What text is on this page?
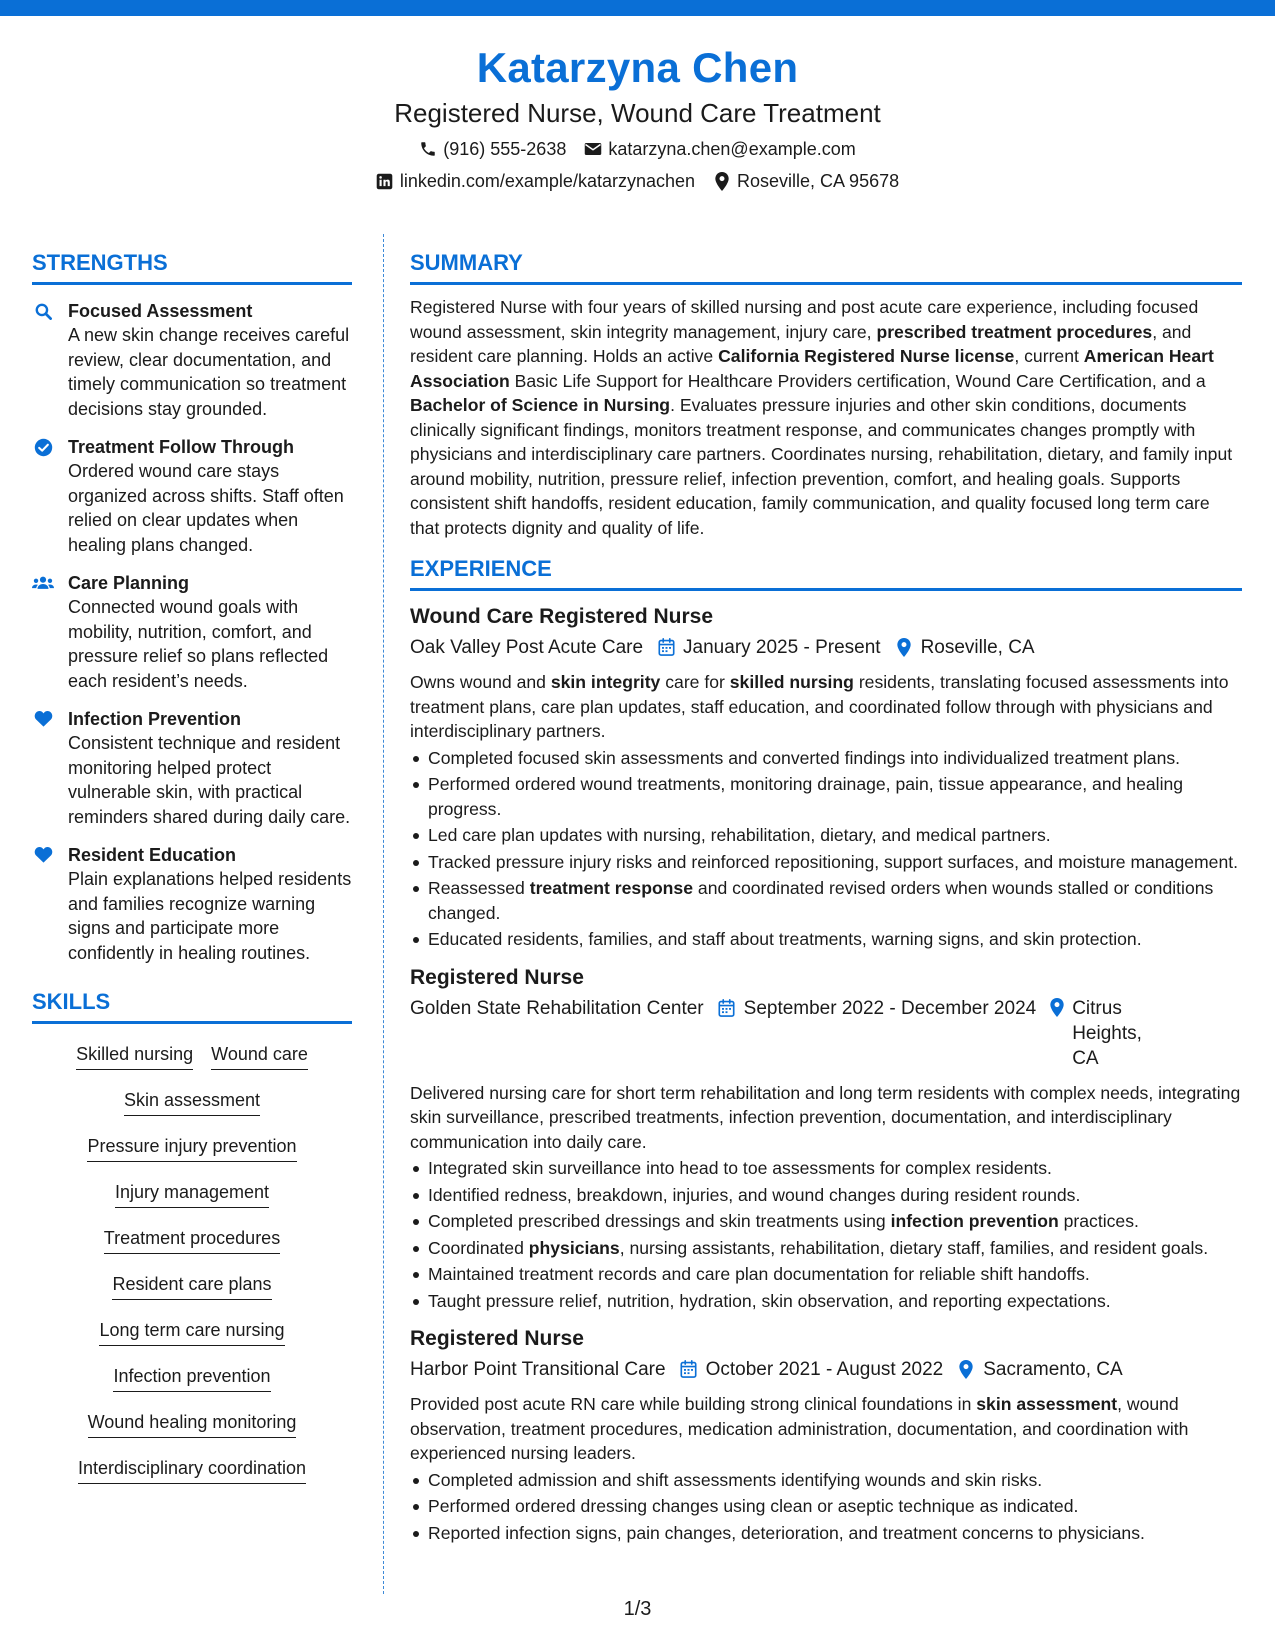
Katarzyna Chen
Registered Nurse, Wound Care Treatment
(916) 555-2638 katarzyna.chen@example.com
linkedin.com/example/katarzynachen Roseville, CA 95678
STRENGTHS
Focused Assessment
A new skin change receives careful review, clear documentation, and timely communication so treatment decisions stay grounded.
Treatment Follow Through
Ordered wound care stays organized across shifts. Staff often relied on clear updates when healing plans changed.
Care Planning
Connected wound goals with mobility, nutrition, comfort, and pressure relief so plans reflected each resident’s needs.
Infection Prevention
Consistent technique and resident monitoring helped protect vulnerable skin, with practical reminders shared during daily care.
Resident Education
Plain explanations helped residents and families recognize warning signs and participate more confidently in healing routines.
SKILLS
Skilled nursing Wound care
Skin assessment
Pressure injury prevention
Injury management
Treatment procedures
Resident care plans
Long term care nursing
Infection prevention
Wound healing monitoring
Interdisciplinary coordination
SUMMARY

Registered Nurse with four years of skilled nursing and post acute care experience, including focused wound assessment, skin integrity management, injury care, prescribed treatment procedures, and resident care planning. Holds an active California Registered Nurse license, current American Heart Association Basic Life Support for Healthcare Providers certification, Wound Care Certification, and a Bachelor of Science in Nursing. Evaluates pressure injuries and other skin conditions, documents clinically significant findings, monitors treatment response, and communicates changes promptly with physicians and interdisciplinary care partners. Coordinates nursing, rehabilitation, dietary, and family input around mobility, nutrition, pressure relief, infection prevention, comfort, and healing goals. Supports consistent shift handoffs, resident education, family communication, and quality focused long term care that protects dignity and quality of life.

EXPERIENCE
Wound Care Registered Nurse
Oak Valley Post Acute Care January 2025 - Present Roseville, CA

Owns wound and skin integrity care for skilled nursing residents, translating focused assessments into treatment plans, care plan updates, staff education, and coordinated follow through with physicians and interdisciplinary partners.

Completed focused skin assessments and converted findings into individualized treatment plans.
Performed ordered wound treatments, monitoring drainage, pain, tissue appearance, and healing progress.
Led care plan updates with nursing, rehabilitation, dietary, and medical partners.
Tracked pressure injury risks and reinforced repositioning, support surfaces, and moisture management.
Reassessed treatment response and coordinated revised orders when wounds stalled or conditions changed.
Educated residents, families, and staff about treatments, warning signs, and skin protection.
Registered Nurse
Golden State Rehabilitation Center September 2022 - December 2024 Citrus Heights, CA

Delivered nursing care for short term rehabilitation and long term residents with complex needs, integrating skin surveillance, prescribed treatments, infection prevention, documentation, and interdisciplinary communication into daily care.

Integrated skin surveillance into head to toe assessments for complex residents.
Identified redness, breakdown, injuries, and wound changes during resident rounds.
Completed prescribed dressings and skin treatments using infection prevention practices.
Coordinated physicians, nursing assistants, rehabilitation, dietary staff, families, and resident goals.
Maintained treatment records and care plan documentation for reliable shift handoffs.
Taught pressure relief, nutrition, hydration, skin observation, and reporting expectations.
Registered Nurse
Harbor Point Transitional Care October 2021 - August 2022 Sacramento, CA

Provided post acute RN care while building strong clinical foundations in skin assessment, wound observation, treatment procedures, medication administration, documentation, and coordination with experienced nursing leaders.

Completed admission and shift assessments identifying wounds and skin risks.
Performed ordered dressing changes using clean or aseptic technique as indicated.
Reported infection signs, pain changes, deterioration, and treatment concerns to physicians.
1/3
